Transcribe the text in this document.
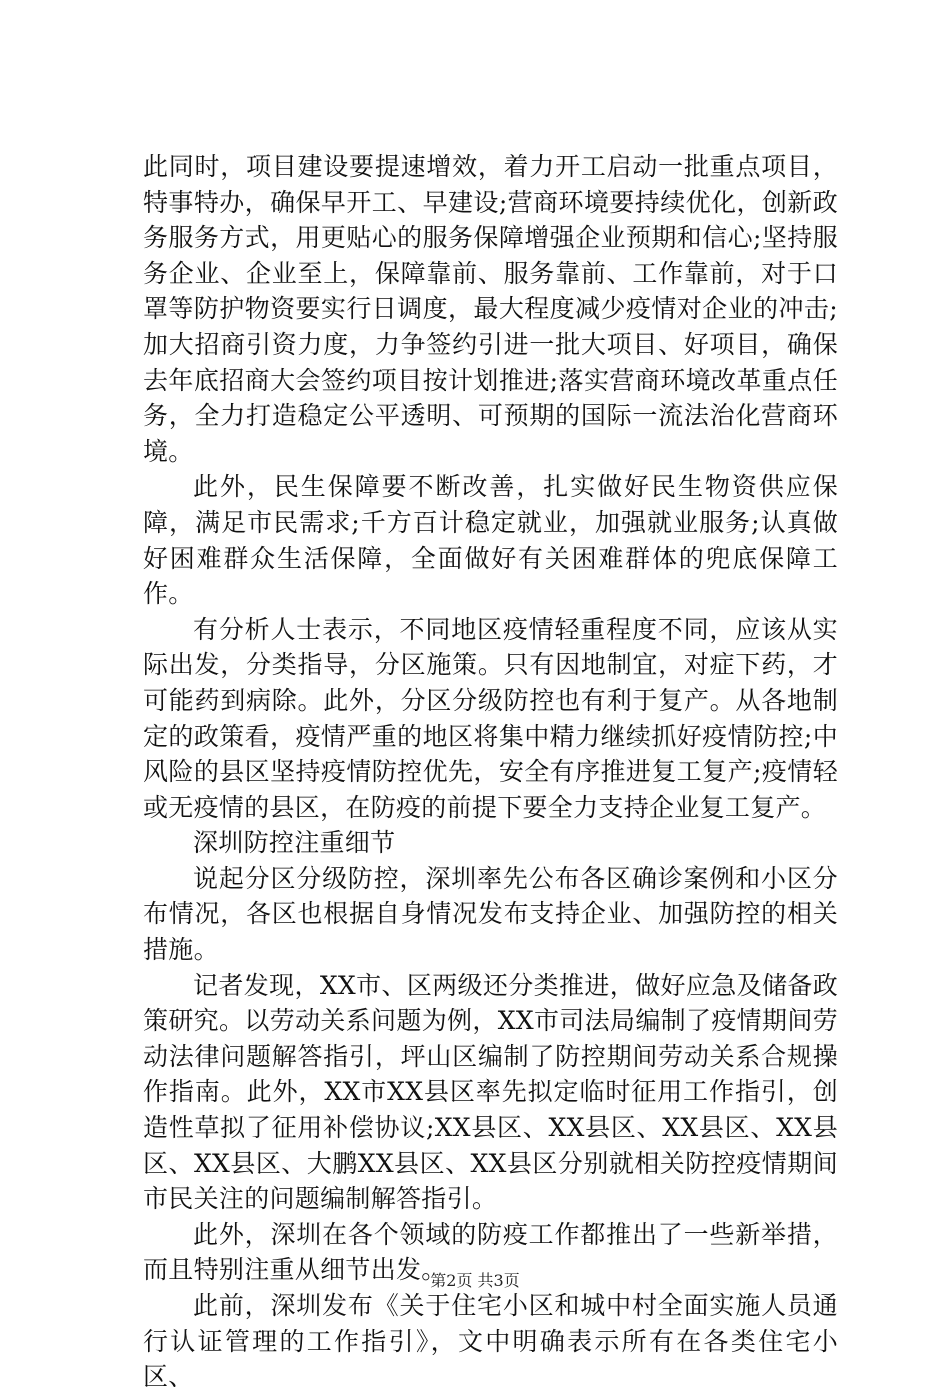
此同时，项目建设要提速增效，着力开工启动一批重点项目，特事特办，确保早开工、早建设;营商环境要持续优化，创新政务服务方式，用更贴心的服务保障增强企业预期和信心;坚持服务企业、企业至上，保障靠前、服务靠前、工作靠前，对于口罩等防护物资要实行日调度，最大程度减少疫情对企业的冲击;加大招商引资力度，力争签约引进一批大项目、好项目，确保去年底招商大会签约项目按计划推进;落实营商环境改革重点任务，全力打造稳定公平透明、可预期的国际一流法治化营商环境。

此外，民生保障要不断改善，扎实做好民生物资供应保障，满足市民需求;千方百计稳定就业，加强就业服务;认真做好困难群众生活保障，全面做好有关困难群体的兜底保障工作。

有分析人士表示，不同地区疫情轻重程度不同，应该从实际出发，分类指导，分区施策。只有因地制宜，对症下药，才可能药到病除。此外，分区分级防控也有利于复产。从各地制定的政策看，疫情严重的地区将集中精力继续抓好疫情防控;中风险的县区坚持疫情防控优先，安全有序推进复工复产;疫情轻或无疫情的县区，在防疫的前提下要全力支持企业复工复产。

深圳防控注重细节

说起分区分级防控，深圳率先公布各区确诊案例和小区分布情况，各区也根据自身情况发布支持企业、加强防控的相关措施。

记者发现，XX市、区两级还分类推进，做好应急及储备政策研究。以劳动关系问题为例，XX市司法局编制了疫情期间劳动法律问题解答指引，坪山区编制了防控期间劳动关系合规操作指南。此外，XX市XX县区率先拟定临时征用工作指引，创造性草拟了征用补偿协议;XX县区、XX县区、XX县区、XX县区、XX县区、大鹏XX县区、XX县区分别就相关防控疫情期间市民关注的问题编制解答指引。

此外，深圳在各个领域的防疫工作都推出了一些新举措，而且特别注重从细节出发。

此前，深圳发布《关于住宅小区和城中村全面实施人员通行认证管理的工作指引》，文中明确表示所有在各类住宅小区、

第2页 共3页
